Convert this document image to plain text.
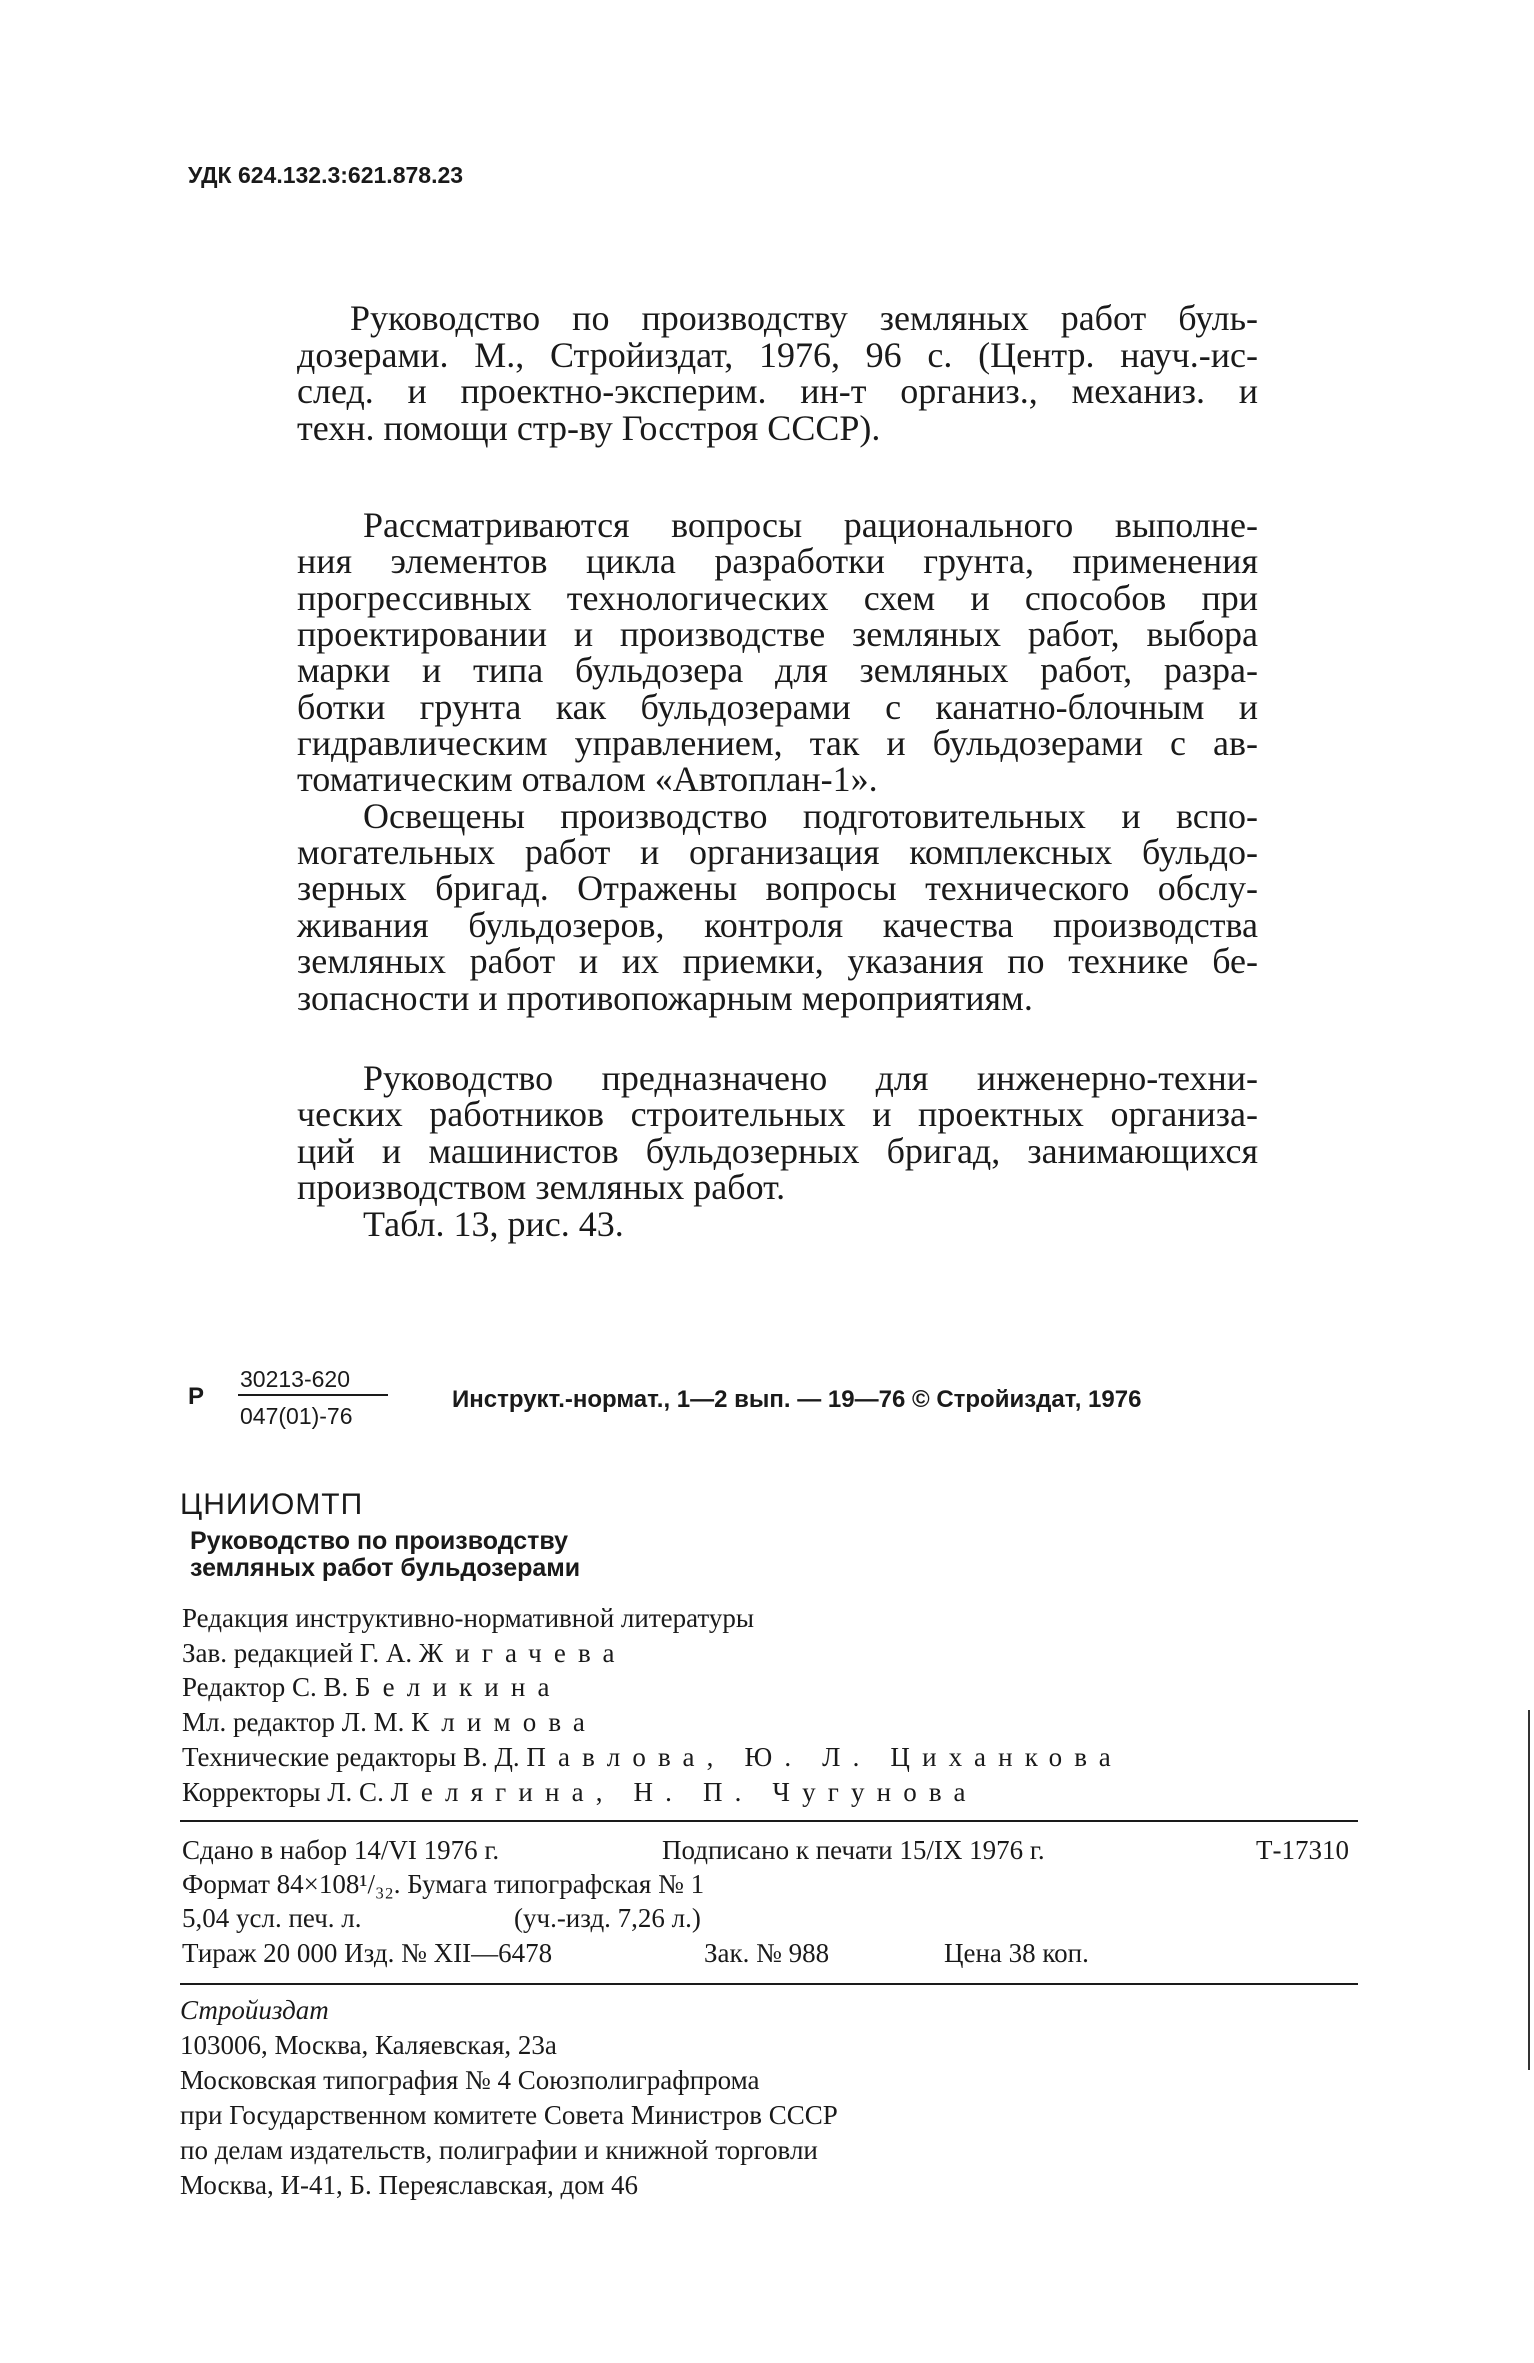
УДК 624.132.3:621.878.23
Руководство по производству земляных работ буль-
дозерами. М., Стройиздат, 1976, 96 с. (Центр. науч.-ис-
след. и проектно-эксперим. ин-т организ., механиз. и
техн. помощи стр-ву Госстроя СССР).
Рассматриваются вопросы рационального выполне-
ния элементов цикла разработки грунта, применения
прогрессивных технологических схем и способов при
проектировании и производстве земляных работ, выбора
марки и типа бульдозера для земляных работ, разра-
ботки грунта как бульдозерами с канатно-блочным и
гидравлическим управлением, так и бульдозерами с ав-
томатическим отвалом «Автоплан-1».
Освещены производство подготовительных и вспо-
могательных работ и организация комплексных бульдо-
зерных бригад. Отражены вопросы технического обслу-
живания бульдозеров, контроля качества производства
земляных работ и их приемки, указания по технике бе-
зопасности и противопожарным мероприятиям.
Руководство предназначено для инженерно-техни-
ческих работников строительных и проектных организа-
ций и машинистов бульдозерных бригад, занимающихся
производством земляных работ.
Табл. 13, рис. 43.
Р
30213-620
047(01)-76
Инструкт.-нормат., 1—2 вып. — 19—76 © Стройиздат, 1976
ЦНИИОМТП
Руководство по производству
земляных работ бульдозерами
Редакция инструктивно-нормативной литературы
Зав. редакцией Г. А. Жигачева
Редактор С. В. Беликина
Мл. редактор Л. М. Климова
Технические редакторы В. Д. Павлова, Ю. Л. Циханкова
Корректоры Л. С. Лелягина, Н. П. Чугунова
Сдано в набор 14/VI 1976 г.	Подписано к печати 15/IX 1976 г.	Т-17310
Формат 84×108¹/₃₂. Бумага типографская № 1
5,04 усл. печ. л.	(уч.-изд. 7,26 л.)
Тираж 20 000 Изд. № XII—6478	Зак. № 988	Цена 38 коп.
Стройиздат
103006, Москва, Каляевская, 23а
Московская типография № 4 Союзполиграфпрома
при Государственном комитете Совета Министров СССР
по делам издательств, полиграфии и книжной торговли
Москва, И-41, Б. Переяславская, дом 46
